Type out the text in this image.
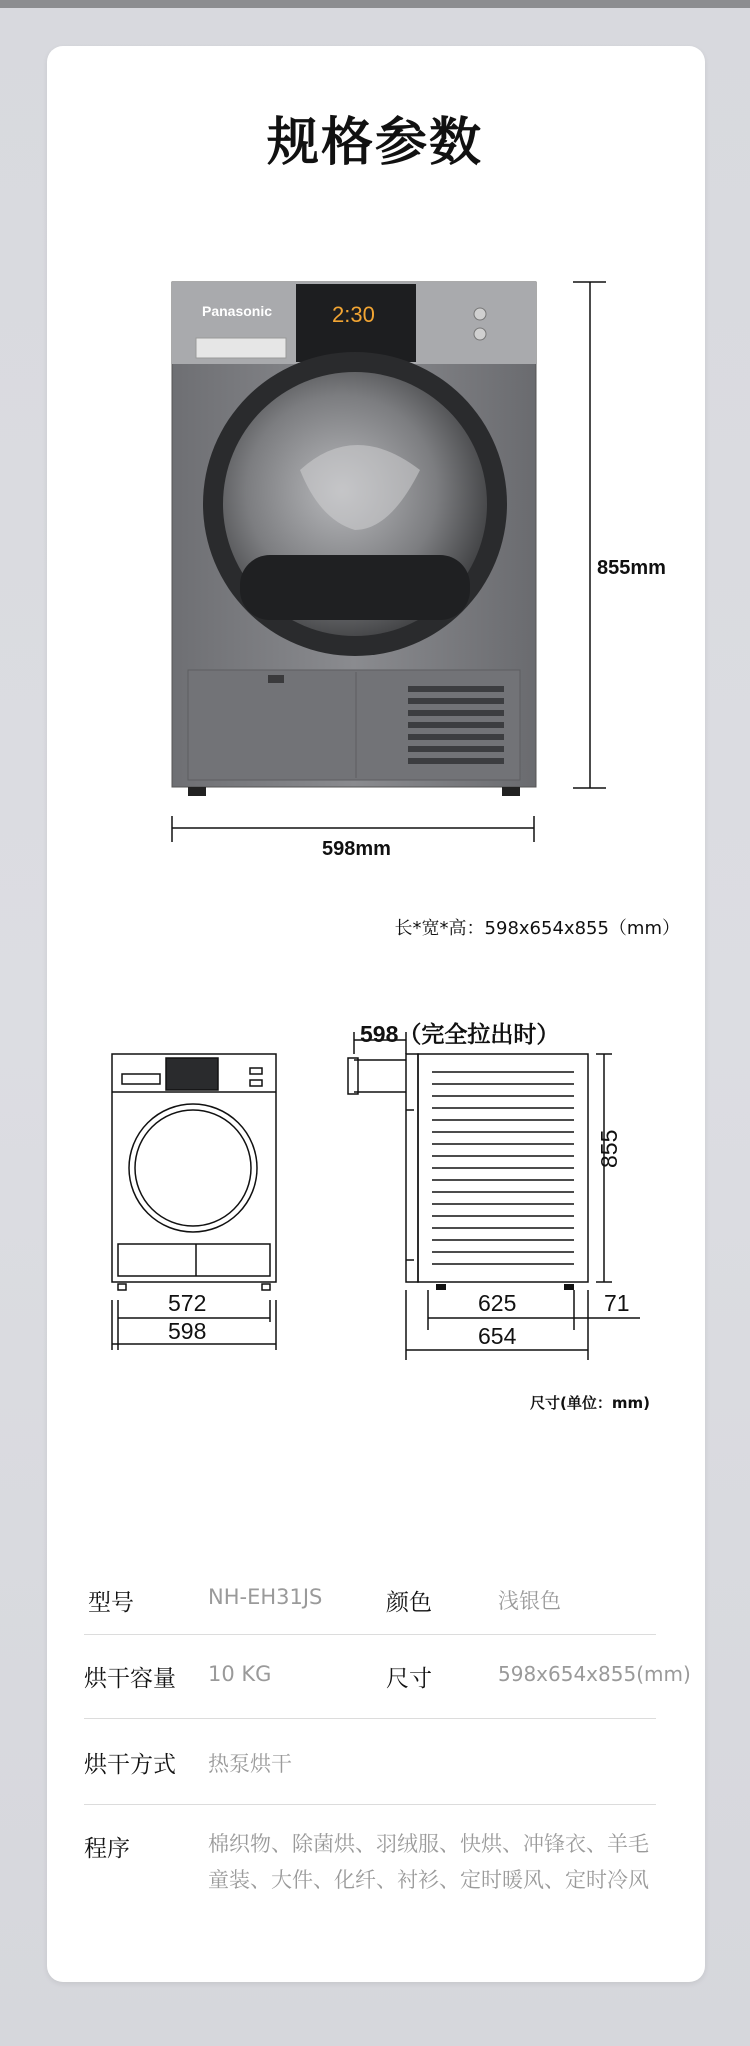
规格参数
Panasonic	2:30
855mm
598mm
长*宽*高：598x654x855（mm）
572
598
598（完全拉出时）
855
625
654
71
尺寸(单位：mm)
型号	NH-EH31JS	颜色	浅银色
烘干容量 10 KG	尺寸	598x654x855(mm)
烘干方式 热泵烘干
程序	棉织物、除菌烘、羽绒服、快烘、冲锋衣、羊毛
童装、大件、化纤、衬衫、定时暖风、定时冷风
